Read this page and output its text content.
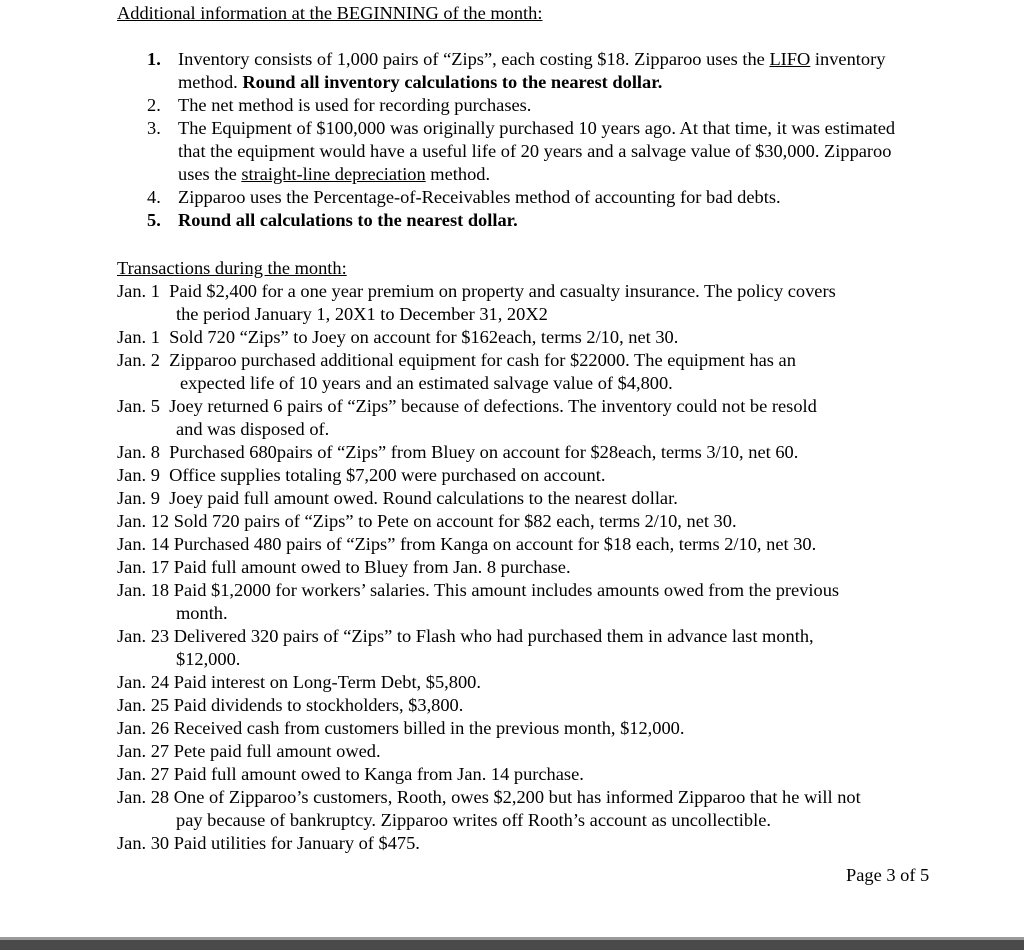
Additional information at the BEGINNING of the month:
1. Inventory consists of 1,000 pairs of “Zips”, each costing $18. Zipparoo uses the LIFO inventory method. Round all inventory calculations to the nearest dollar.
2. The net method is used for recording purchases.
3. The Equipment of $100,000 was originally purchased 10 years ago. At that time, it was estimated that the equipment would have a useful life of 20 years and a salvage value of $30,000. Zipparoo uses the straight-line depreciation method.
4. Zipparoo uses the Percentage-of-Receivables method of accounting for bad debts.
5. Round all calculations to the nearest dollar.
Transactions during the month:
Jan. 1 Paid $2,400 for a one year premium on property and casualty insurance. The policy covers
the period January 1, 20X1 to December 31, 20X2
Jan. 1 Sold 720 “Zips” to Joey on account for $162each, terms 2/10, net 30.
Jan. 2 Zipparoo purchased additional equipment for cash for $22000. The equipment has an
expected life of 10 years and an estimated salvage value of $4,800.
Jan. 5 Joey returned 6 pairs of “Zips” because of defections. The inventory could not be resold
and was disposed of.
Jan. 8 Purchased 680pairs of “Zips” from Bluey on account for $28each, terms 3/10, net 60.
Jan. 9 Office supplies totaling $7,200 were purchased on account.
Jan. 9 Joey paid full amount owed. Round calculations to the nearest dollar.
Jan. 12 Sold 720 pairs of “Zips” to Pete on account for $82 each, terms 2/10, net 30.
Jan. 14 Purchased 480 pairs of “Zips” from Kanga on account for $18 each, terms 2/10, net 30.
Jan. 17 Paid full amount owed to Bluey from Jan. 8 purchase.
Jan. 18 Paid $1,2000 for workers’ salaries. This amount includes amounts owed from the previous
month.
Jan. 23 Delivered 320 pairs of “Zips” to Flash who had purchased them in advance last month,
$12,000.
Jan. 24 Paid interest on Long-Term Debt, $5,800.
Jan. 25 Paid dividends to stockholders, $3,800.
Jan. 26 Received cash from customers billed in the previous month, $12,000.
Jan. 27 Pete paid full amount owed.
Jan. 27 Paid full amount owed to Kanga from Jan. 14 purchase.
Jan. 28 One of Zipparoo’s customers, Rooth, owes $2,200 but has informed Zipparoo that he will not
pay because of bankruptcy. Zipparoo writes off Rooth’s account as uncollectible.
Jan. 30 Paid utilities for January of $475.
Page 3 of 5
